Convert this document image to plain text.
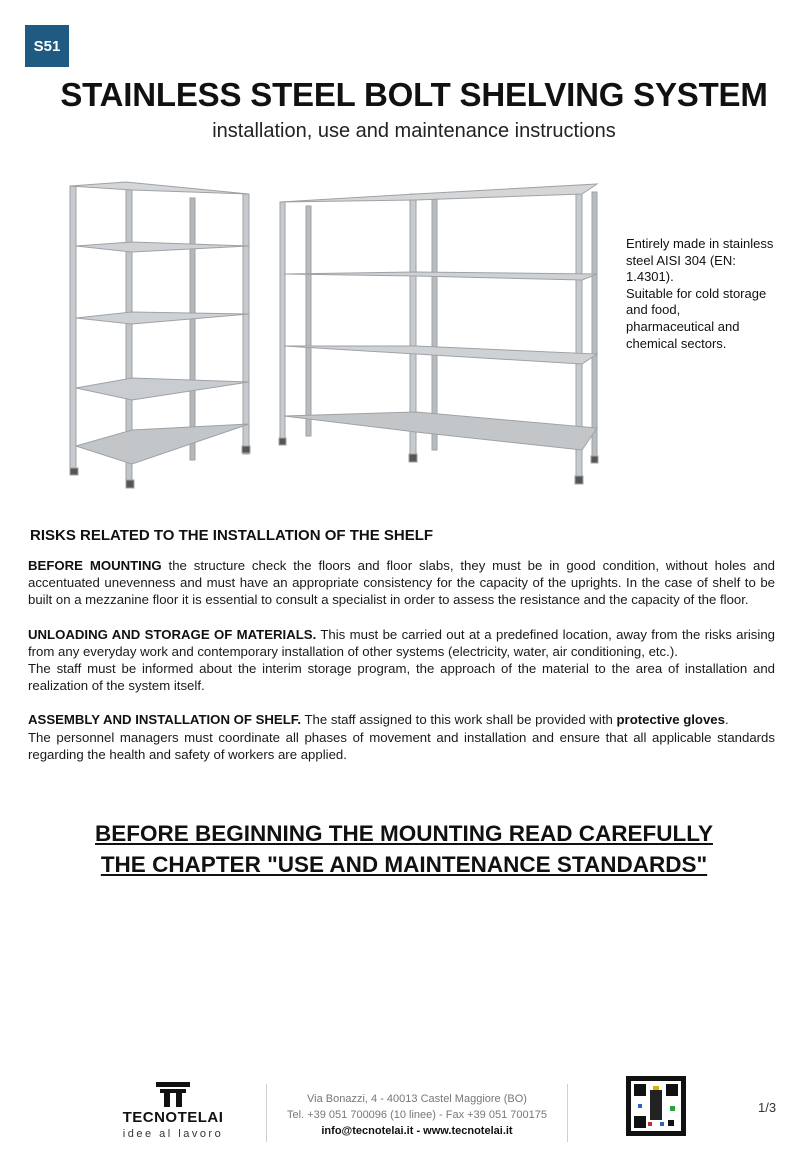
S51
STAINLESS STEEL BOLT SHELVING SYSTEM
installation, use and maintenance instructions
Entirely made in stainless
steel AISI 304 (EN:
1.4301).
Suitable for cold storage
and food,
pharmaceutical and
chemical sectors.
RISKS RELATED TO THE INSTALLATION OF THE SHELF

BEFORE MOUNTING the structure check the floors and floor slabs, they must be in good condition, without holes and accentuated unevenness and must have an appropriate consistency for the capacity of the uprights. In the case of shelf to be built on a mezzanine floor it is essential to consult a specialist in order to assess the resistance and the capacity of the floor.

UNLOADING AND STORAGE OF MATERIALS. This must be carried out at a predefined location, away from the risks arising from any everyday work and contemporary installation of other systems (electricity, water, air conditioning, etc.).

The staff must be informed about the interim storage program, the approach of the material to the area of installation and realization of the system itself.

ASSEMBLY AND INSTALLATION OF SHELF. The staff assigned to this work shall be provided with protective gloves.

The personnel managers must coordinate all phases of movement and installation and ensure that all applicable standards regarding the health and safety of workers are applied.

BEFORE BEGINNING THE MOUNTING READ CAREFULLY
THE CHAPTER "USE AND MAINTENANCE STANDARDS"
TECNOTELAI
idee al lavoro
Via Bonazzi, 4 - 40013 Castel Maggiore (BO)
Tel. +39 051 700096 (10 linee) - Fax +39 051 700175
info@tecnotelai.it - www.tecnotelai.it
1/3
